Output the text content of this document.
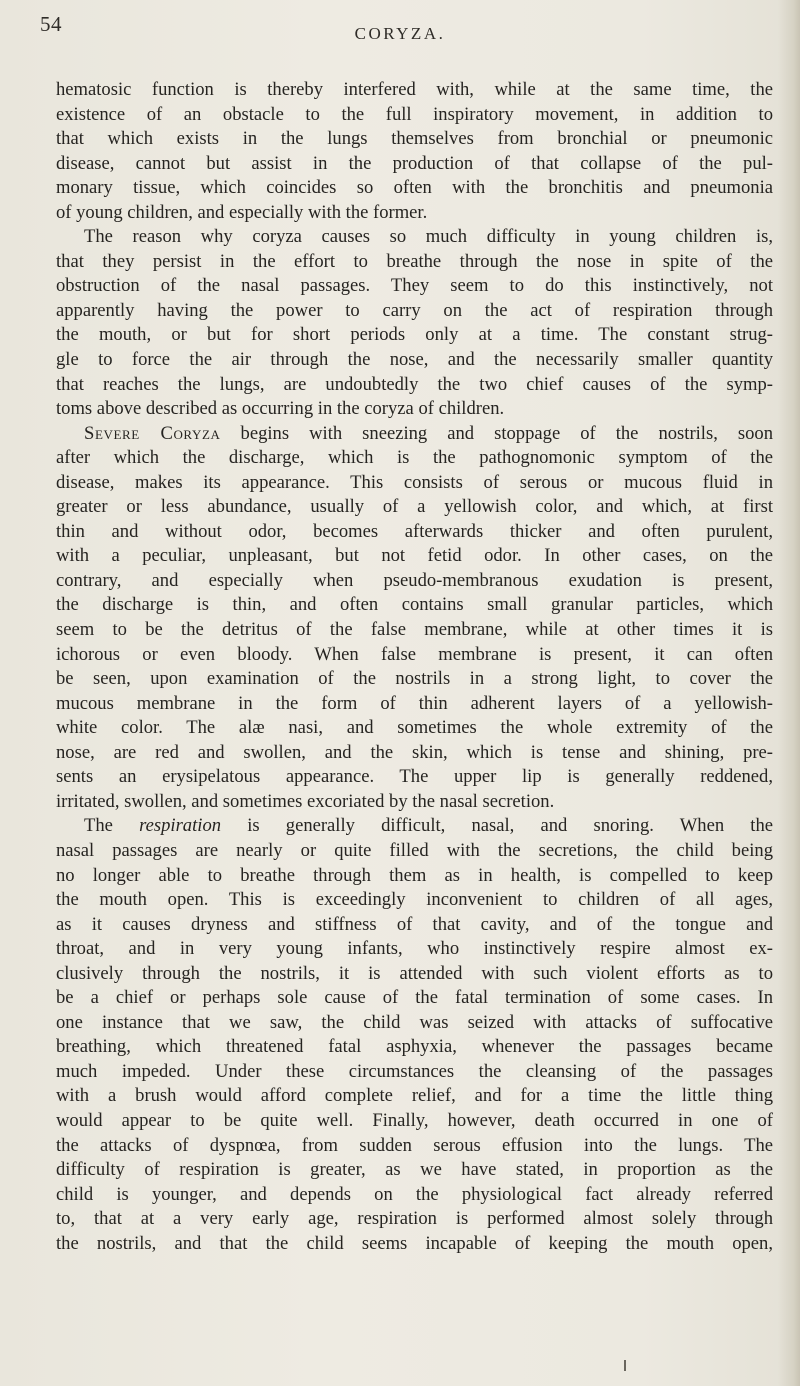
54	CORYZA.
hematosic function is thereby interfered with, while at the same time, the
existence of an obstacle to the full inspiratory movement, in addition to
that which exists in the lungs themselves from bronchial or pneumonic
disease, cannot but assist in the production of that collapse of the pul-
monary tissue, which coincides so often with the bronchitis and pneumonia
of young children, and especially with the former.
The reason why coryza causes so much difficulty in young children is,
that they persist in the effort to breathe through the nose in spite of the
obstruction of the nasal passages. They seem to do this instinctively, not
apparently having the power to carry on the act of respiration through
the mouth, or but for short periods only at a time. The constant strug-
gle to force the air through the nose, and the necessarily smaller quantity
that reaches the lungs, are undoubtedly the two chief causes of the symp-
toms above described as occurring in the coryza of children.
Severe Coryza begins with sneezing and stoppage of the nostrils, soon
after which the discharge, which is the pathognomonic symptom of the
disease, makes its appearance. This consists of serous or mucous fluid in
greater or less abundance, usually of a yellowish color, and which, at first
thin and without odor, becomes afterwards thicker and often purulent,
with a peculiar, unpleasant, but not fetid odor. In other cases, on the
contrary, and especially when pseudo-membranous exudation is present,
the discharge is thin, and often contains small granular particles, which
seem to be the detritus of the false membrane, while at other times it is
ichorous or even bloody. When false membrane is present, it can often
be seen, upon examination of the nostrils in a strong light, to cover the
mucous membrane in the form of thin adherent layers of a yellowish-
white color. The alæ nasi, and sometimes the whole extremity of the
nose, are red and swollen, and the skin, which is tense and shining, pre-
sents an erysipelatous appearance. The upper lip is generally reddened,
irritated, swollen, and sometimes excoriated by the nasal secretion.
The respiration is generally difficult, nasal, and snoring. When the
nasal passages are nearly or quite filled with the secretions, the child being
no longer able to breathe through them as in health, is compelled to keep
the mouth open. This is exceedingly inconvenient to children of all ages,
as it causes dryness and stiffness of that cavity, and of the tongue and
throat, and in very young infants, who instinctively respire almost ex-
clusively through the nostrils, it is attended with such violent efforts as to
be a chief or perhaps sole cause of the fatal termination of some cases. In
one instance that we saw, the child was seized with attacks of suffocative
breathing, which threatened fatal asphyxia, whenever the passages became
much impeded. Under these circumstances the cleansing of the passages
with a brush would afford complete relief, and for a time the little thing
would appear to be quite well. Finally, however, death occurred in one of
the attacks of dyspnœa, from sudden serous effusion into the lungs. The
difficulty of respiration is greater, as we have stated, in proportion as the
child is younger, and depends on the physiological fact already referred
to, that at a very early age, respiration is performed almost solely through
the nostrils, and that the child seems incapable of keeping the mouth open,
